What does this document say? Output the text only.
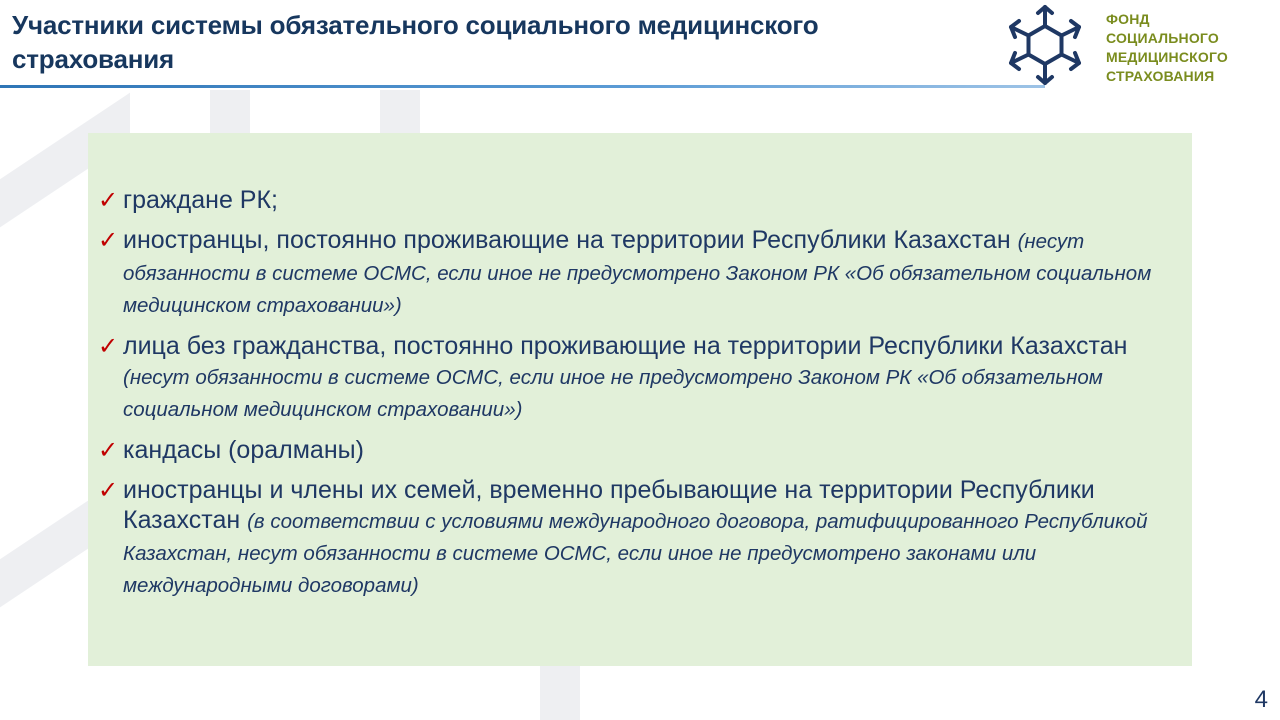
Участники системы обязательного социального медицинского страхования
ФОНД
СОЦИАЛЬНОГО
МЕДИЦИНСКОГО
СТРАХОВАНИЯ
✓ граждане РК;
✓ иностранцы, постоянно проживающие на территории Республики Казахстан (несут обязанности в системе ОСМС, если иное не предусмотрено Законом РК «Об обязательном социальном медицинском страховании»)
✓ лица без гражданства, постоянно проживающие на территории Республики Казахстан (несут обязанности в системе ОСМС, если иное не предусмотрено Законом РК «Об обязательном социальном медицинском страховании»)
✓ кандасы (оралманы)
✓ иностранцы и члены их семей, временно пребывающие на территории Республики Казахстан (в соответствии с условиями международного договора, ратифицированного Республикой Казахстан, несут обязанности в системе ОСМС, если иное не предусмотрено законами или международными договорами)
4
